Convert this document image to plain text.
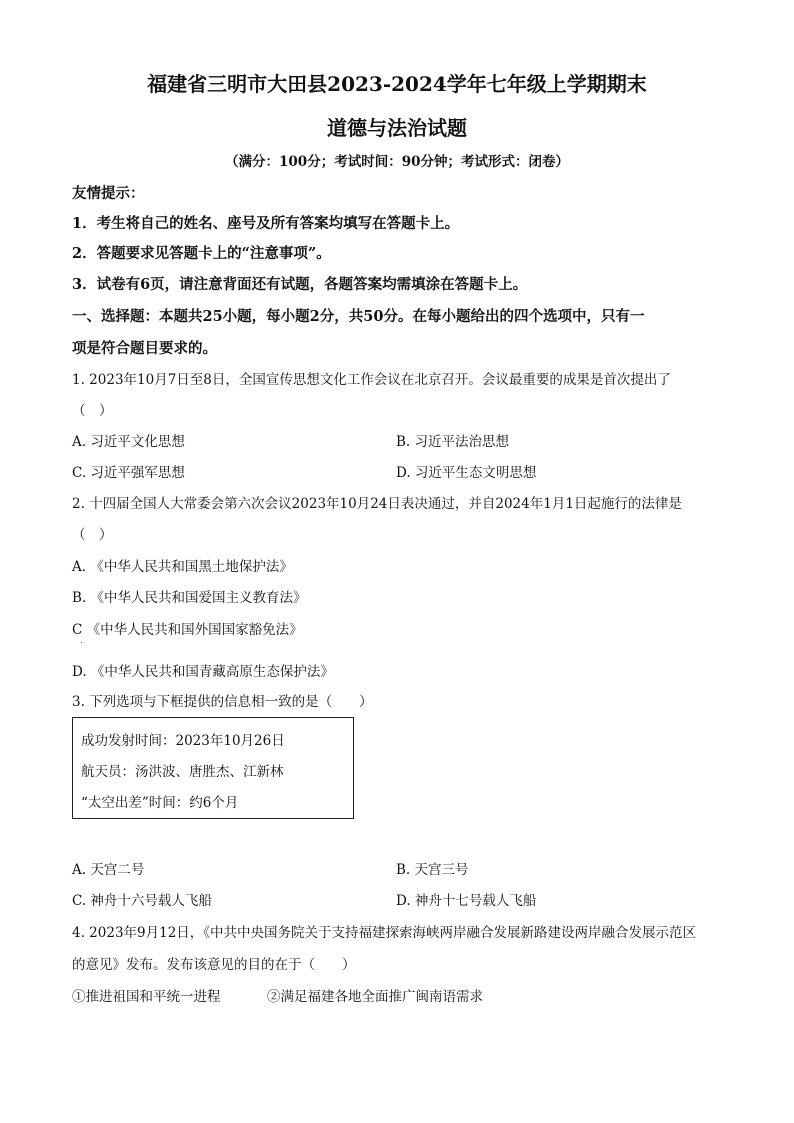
福建省三明市大田县2023-2024学年七年级上学期期末
道德与法治试题
（满分：100分；考试时间：90分钟；考试形式：闭卷）
友情提示：
1．考生将自己的姓名、座号及所有答案均填写在答题卡上。
2．答题要求见答题卡上的“注意事项”。
3．试卷有6页，请注意背面还有试题，各题答案均需填涂在答题卡上。
一、选择题：本题共25小题，每小题2分，共50分。在每小题给出的四个选项中，只有一
项是符合题目要求的。
1. 2023年10月7日至8日，全国宣传思想文化工作会议在北京召开。会议最重要的成果是首次提出了
（　）
A. 习近平文化思想	B. 习近平法治思想
C. 习近平强军思想	D. 习近平生态文明思想
2. 十四届全国人大常委会第六次会议2023年10月24日表决通过，并自2024年1月1日起施行的法律是
（　）
A. 《中华人民共和国黑土地保护法》
B. 《中华人民共和国爱国主义教育法》
C 《中华人民共和国外国国家豁免法》
.
D. 《中华人民共和国青藏高原生态保护法》
3. 下列选项与下框提供的信息相一致的是（　　）
成功发射时间：2023年10月26日
航天员：汤洪波、唐胜杰、江新林
“太空出差”时间：约6个月
A. 天宫二号	B. 天宫三号
C. 神舟十六号载人飞船	D. 神舟十七号载人飞船
4. 2023年9月12日，《中共中央国务院关于支持福建探索海峡两岸融合发展新路建设两岸融合发展示范区
的意见》发布。发布该意见的目的在于（　　）
①推进祖国和平统一进程	②满足福建各地全面推广闽南语需求
